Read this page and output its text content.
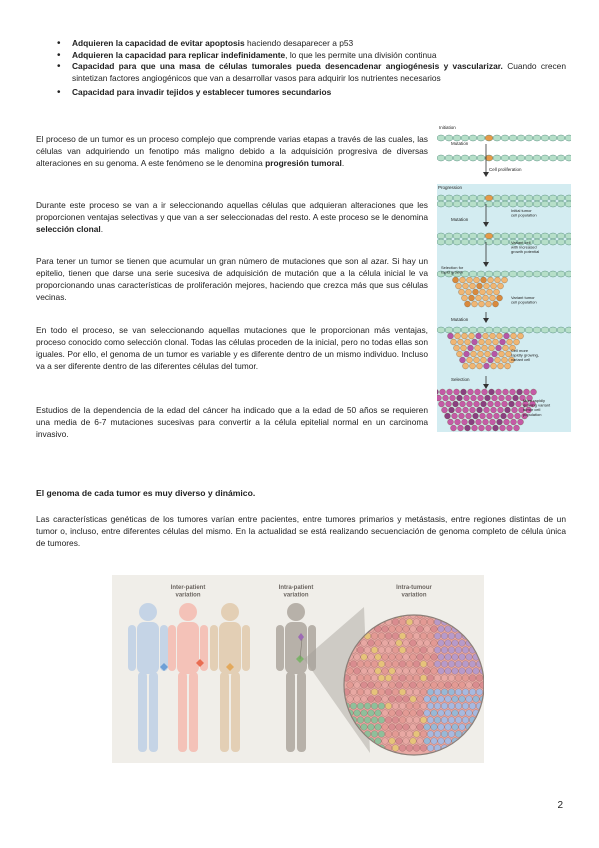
• Adquieren la capacidad de evitar apoptosis haciendo desaparecer a p53
• Adquieren la capacidad para replicar indefinidamente, lo que les permite una división continua
• Capacidad para que una masa de células tumorales pueda desencadenar angiogénesis y vascularizar. Cuando crecen sintetizan factores angiogénicos que van a desarrollar vasos para adquirir los nutrientes necesarios
• Capacidad para invadir tejidos y establecer tumores secundarios

El proceso de un tumor es un proceso complejo que comprende varias etapas a través de las cuales, las células van adquiriendo un fenotipo más maligno debido a la adquisición progresiva de diversas alteraciones en su genoma. A este fenómeno se le denomina progresión tumoral.

Durante este proceso se van a ir seleccionando aquellas células que adquieran alteraciones que les proporcionen ventajas selectivas y que van a ser seleccionadas del resto. A este proceso se le denomina selección clonal.

Para tener un tumor se tienen que acumular un gran número de mutaciones que son al azar. Si hay un epitelio, tienen que darse una serie sucesiva de adquisición de mutación que a la célula inicial le va proporcionando unas características de proliferación mejores, haciendo que crezca más que sus células vecinas.

En todo el proceso, se van seleccionando aquellas mutaciones que le proporcionan más ventajas, proceso conocido como selección clonal. Todas las células proceden de la inicial, pero no todas ellas son iguales. Por ello, el genoma de un tumor es variable y es diferente dentro de un mismo individuo. Incluso va a ser diferente dentro de las diferentes células del tumor.

Estudios de la dependencia de la edad del cáncer ha indicado que a la edad de 50 años se requieren una media de 6-7 mutaciones sucesivas para convertir a la célula epitelial normal en un carcinoma invasivo.

Initiation
Mutation
Cell proliferation
Progression
Mutation
Initial tumor cell population
Variant cell with increased growth potential
Selection for rapid growth
Variant tumor cell population
Mutation
Cell more rapidly growing, variant cell
Selection
More rapidly growing variant tumor cell population
El genoma de cada tumor es muy diverso y dinámico.

Las características genéticas de los tumores varían entre pacientes, entre tumores primarios y metástasis, entre regiones distintas de un tumor o, incluso, entre diferentes células del mismo. En la actualidad se está realizando secuenciación de genoma completo de célula única de tumores.

Inter-patient variation
Intra-patient variation
Intra-tumour variation
2
